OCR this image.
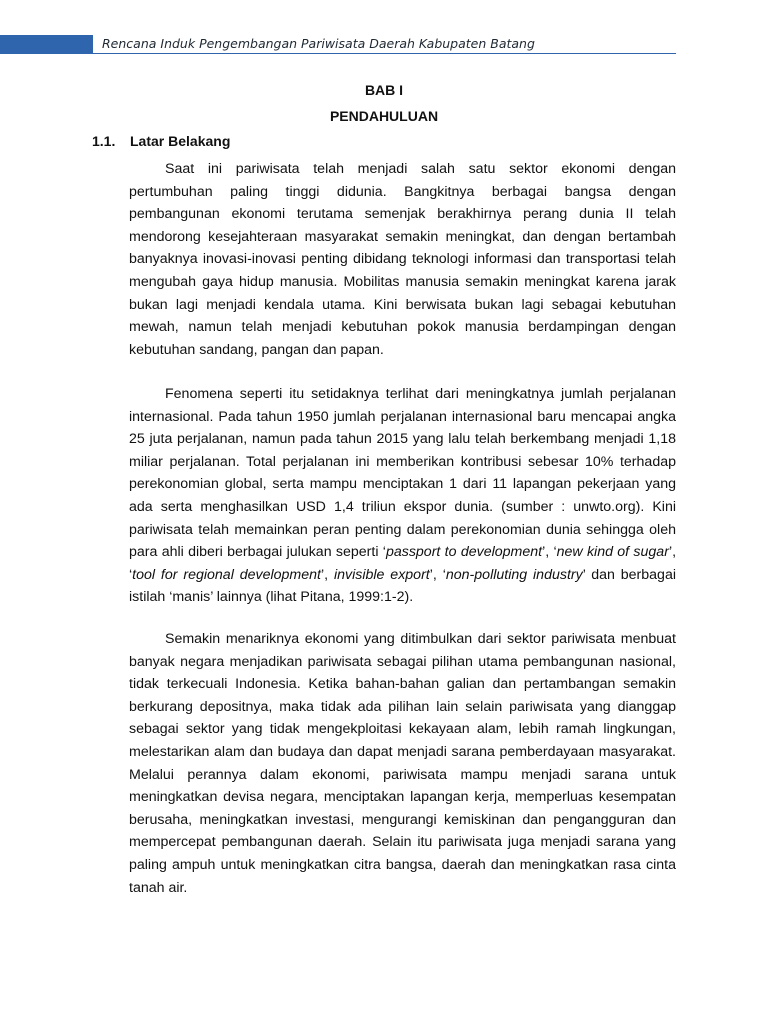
Rencana Induk Pengembangan Pariwisata Daerah Kabupaten Batang
BAB I
PENDAHULUAN
1.1. Latar Belakang
Saat ini pariwisata telah menjadi salah satu sektor ekonomi dengan
pertumbuhan paling tinggi didunia. Bangkitnya berbagai bangsa dengan
pembangunan ekonomi terutama semenjak berakhirnya perang dunia II telah
mendorong kesejahteraan masyarakat semakin meningkat, dan dengan bertambah
banyaknya inovasi-inovasi penting dibidang teknologi informasi dan transportasi telah
mengubah gaya hidup manusia. Mobilitas manusia semakin meningkat karena jarak
bukan lagi menjadi kendala utama. Kini berwisata bukan lagi sebagai kebutuhan
mewah, namun telah menjadi kebutuhan pokok manusia berdampingan dengan
kebutuhan sandang, pangan dan papan.
Fenomena seperti itu setidaknya terlihat dari meningkatnya jumlah perjalanan
internasional. Pada tahun 1950 jumlah perjalanan internasional baru mencapai angka
25 juta perjalanan, namun pada tahun 2015 yang lalu telah berkembang menjadi 1,18
miliar perjalanan. Total perjalanan ini memberikan kontribusi sebesar 10% terhadap
perekonomian global, serta mampu menciptakan 1 dari 11 lapangan pekerjaan yang
ada serta menghasilkan USD 1,4 triliun ekspor dunia. (sumber : unwto.org). Kini
pariwisata telah memainkan peran penting dalam perekonomian dunia sehingga oleh
para ahli diberi berbagai julukan seperti ‘passport to development’, ‘new kind of sugar’,
‘tool for regional development’, invisible export’, ‘non-polluting industry’ dan berbagai
istilah ‘manis’ lainnya (lihat Pitana, 1999:1-2).
Semakin menariknya ekonomi yang ditimbulkan dari sektor pariwisata menbuat
banyak negara menjadikan pariwisata sebagai pilihan utama pembangunan nasional,
tidak terkecuali Indonesia. Ketika bahan-bahan galian dan pertambangan semakin
berkurang depositnya, maka tidak ada pilihan lain selain pariwisata yang dianggap
sebagai sektor yang tidak mengekploitasi kekayaan alam, lebih ramah lingkungan,
melestarikan alam dan budaya dan dapat menjadi sarana pemberdayaan masyarakat.
Melalui perannya dalam ekonomi, pariwisata mampu menjadi sarana untuk
meningkatkan devisa negara, menciptakan lapangan kerja, memperluas kesempatan
berusaha, meningkatkan investasi, mengurangi kemiskinan dan pengangguran dan
mempercepat pembangunan daerah. Selain itu pariwisata juga menjadi sarana yang
paling ampuh untuk meningkatkan citra bangsa, daerah dan meningkatkan rasa cinta
tanah air.
